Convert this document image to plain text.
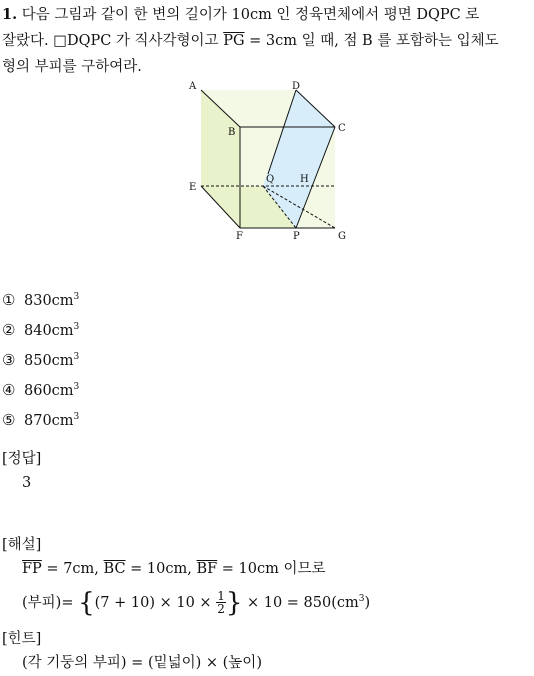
1. 다음 그림과 같이 한 변의 길이가 10cm 인 정육면체에서 평면 DQPC 로
잘랐다. □DQPC 가 직사각형이고 $\overline{PG} = 3cm$ 일 때, 점 B 를 포함하는 입체도
형의 부피를 구하여라.
A	D
B	C
E
Q	H
F	P	G
① $830cm^3$
② $840cm^3$
③ $850cm^3$
④ $860cm^3$
⑤ $870cm^3$
[정답]
3
[해설]
$\overline{FP} = 7cm$, $\overline{BC} = 10cm$, $\overline{BF} = 10cm$ 이므로
(부피)= {$(7 + 10) \times 10 \times \frac{1}{2}$ } × $10 = 850(cm^3)$
[힌트]
(각 기둥의 부피) = (밑넓이) × (높이)
